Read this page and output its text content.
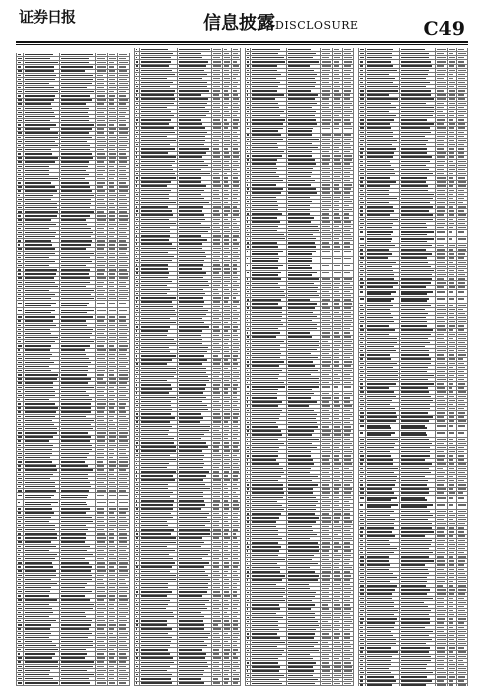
证券日报	信息披露DISCLOSURE	C49
